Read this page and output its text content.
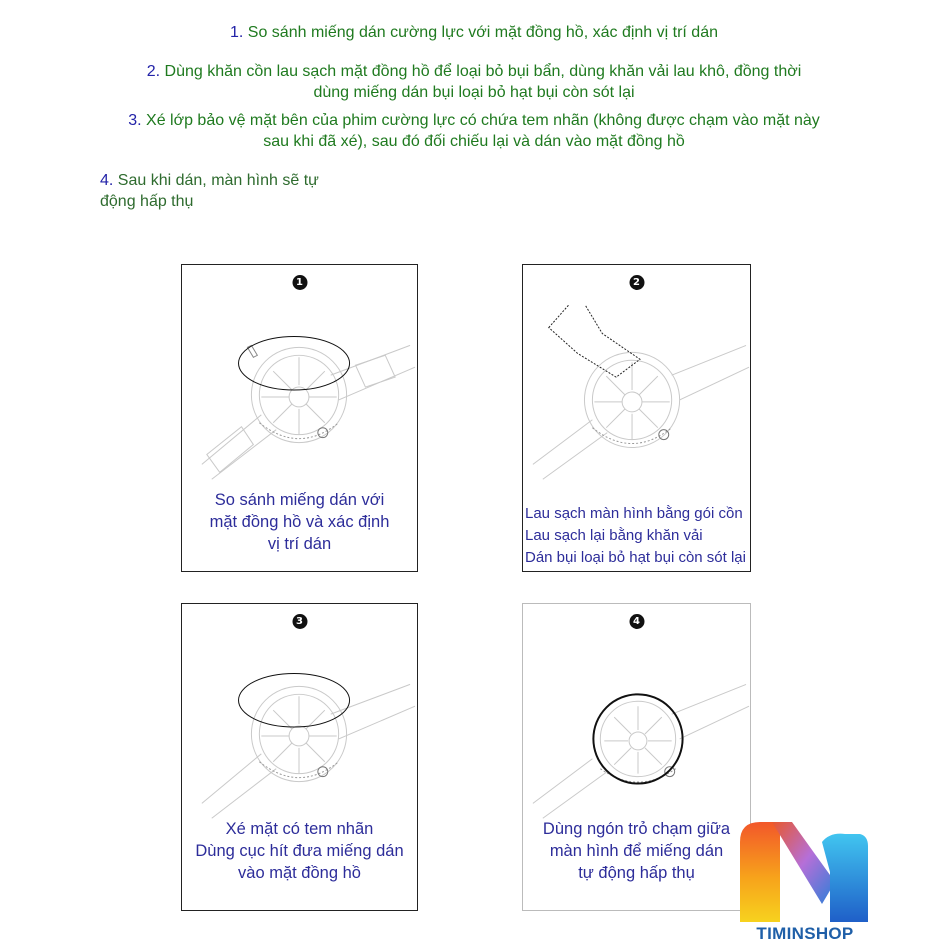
1. So sánh miếng dán cường lực với mặt đồng hồ, xác định vị trí dán
2. Dùng khăn cồn lau sạch mặt đồng hồ để loại bỏ bụi bẩn, dùng khăn vải lau khô, đồng thời
dùng miếng dán bụi loại bỏ hạt bụi còn sót lại
3. Xé lớp bảo vệ mặt bên của phim cường lực có chứa tem nhãn (không được chạm vào mặt này
sau khi đã xé), sau đó đối chiếu lại và dán vào mặt đồng hồ
4. Sau khi dán, màn hình sẽ tự động hấp thụ
1
So sánh miếng dán với
mặt đồng hồ và xác định
vị trí dán
2
Lau sạch màn hình bằng gói cồn
Lau sạch lại bằng khăn vải
Dán bụi loại bỏ hạt bụi còn sót lại
3
Xé mặt có tem nhãn
Dùng cục hít đưa miếng dán
vào mặt đồng hồ
4
Dùng ngón trỏ chạm giữa
màn hình để miếng dán
tự động hấp thụ
TIMINSHOP
